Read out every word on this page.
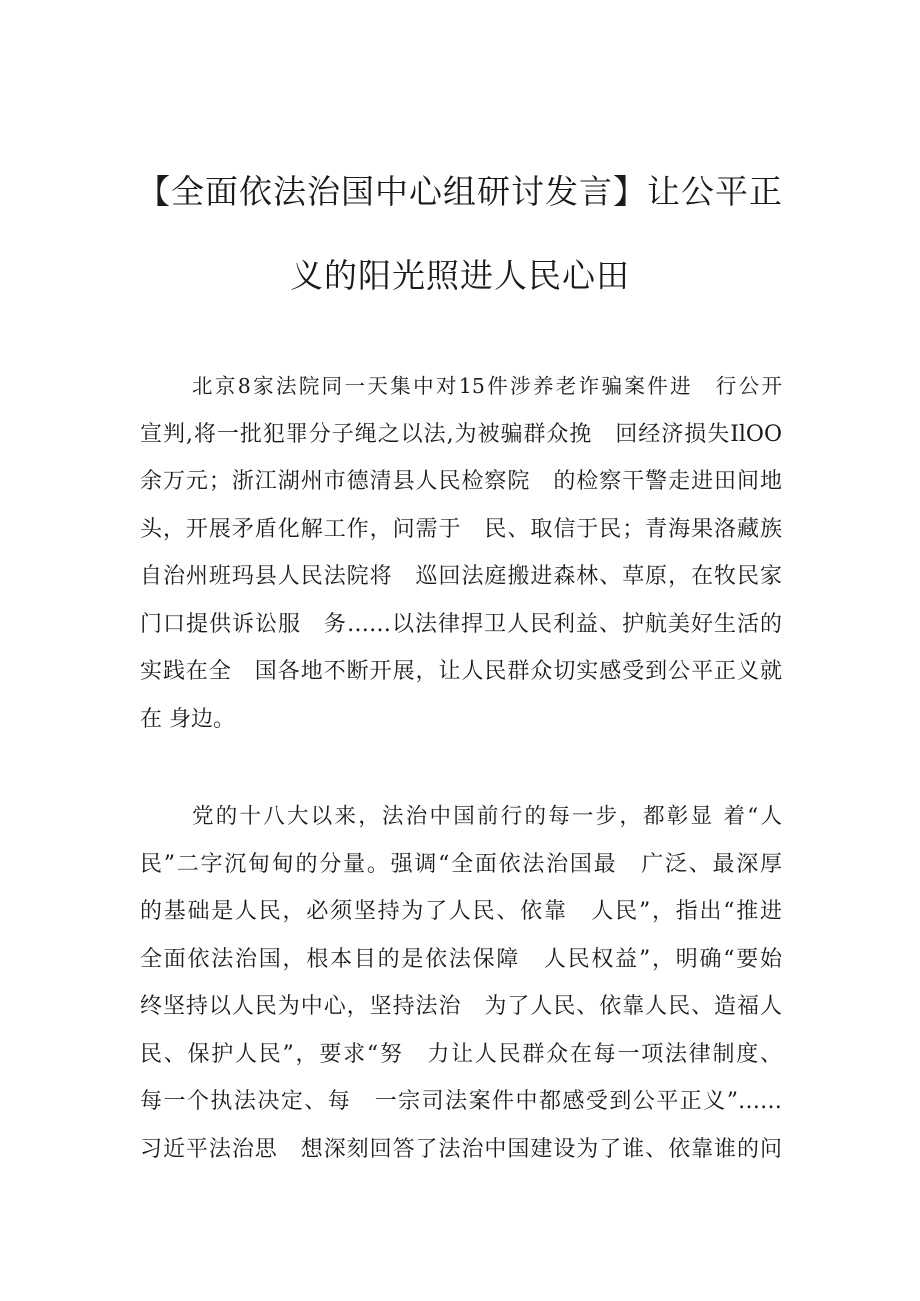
【全面依法治国中心组研讨发言】让公平正
义的阳光照进人民心田
北京8家法院同一天集中对15件涉养老诈骗案件进　行公开
宣判,将一批犯罪分子绳之以法,为被骗群众挽　回经济损失IlOO
余万元；浙江湖州市德清县人民检察院　的检察干警走进田间地
头，开展矛盾化解工作，问需于　民、取信于民；青海果洛藏族
自治州班玛县人民法院将　巡回法庭搬进森林、草原，在牧民家
门口提供诉讼服　务……以法律捍卫人民利益、护航美好生活的
实践在全　国各地不断开展，让人民群众切实感受到公平正义就
在 身边。
党的十八大以来，法治中国前行的每一步，都彰显 着“人
民”二字沉甸甸的分量。强调“全面依法治国最　广泛、最深厚
的基础是人民，必须坚持为了人民、依靠　人民”，指出“推进
全面依法治国，根本目的是依法保障　人民权益”，明确“要始
终坚持以人民为中心，坚持法治　为了人民、依靠人民、造福人
民、保护人民”，要求“努　力让人民群众在每一项法律制度、
每一个执法决定、每　一宗司法案件中都感受到公平正义”……
习近平法治思　想深刻回答了法治中国建设为了谁、依靠谁的问
